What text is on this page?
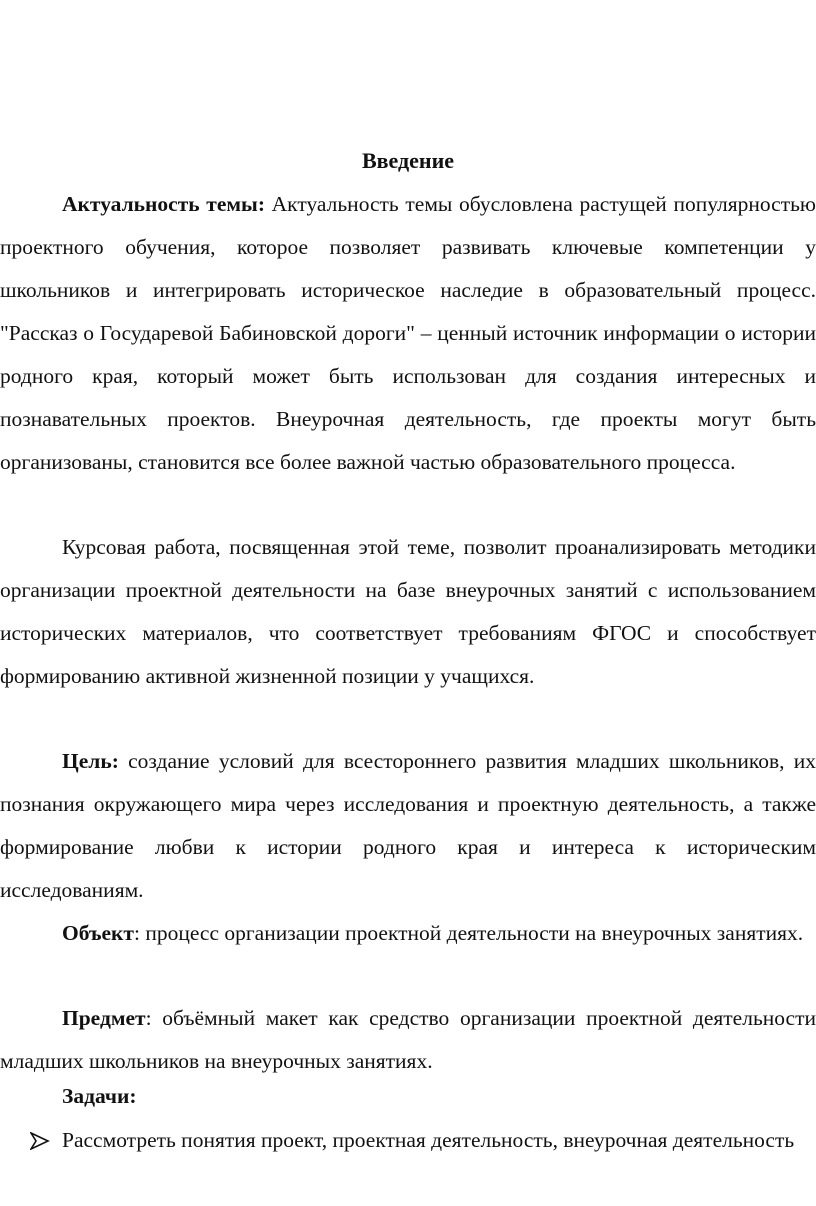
Введение

Актуальность темы: Актуальность темы обусловлена растущей популярностью проектного обучения, которое позволяет развивать ключевые компетенции у школьников и интегрировать историческое наследие в образовательный процесс. "Рассказ о Государевой Бабиновской дороги" – ценный источник информации о истории родного края, который может быть использован для создания интересных и познавательных проектов. Внеурочная деятельность, где проекты могут быть организованы, становится все более важной частью образовательного процесса.

Курсовая работа, посвященная этой теме, позволит проанализировать методики организации проектной деятельности на базе внеурочных занятий с использованием исторических материалов, что соответствует требованиям ФГОС и способствует формированию активной жизненной позиции у учащихся.

Цель: создание условий для всестороннего развития младших школьников, их познания окружающего мира через исследования и проектную деятельность, а также формирование любви к истории родного края и интереса к историческим исследованиям.

Объект: процесс организации проектной деятельности на внеурочных занятиях.

Предмет: объёмный макет как средство организации проектной деятельности младших школьников на внеурочных занятиях.

Задачи:
Рассмотреть понятия проект, проектная деятельность, внеурочная деятельность
